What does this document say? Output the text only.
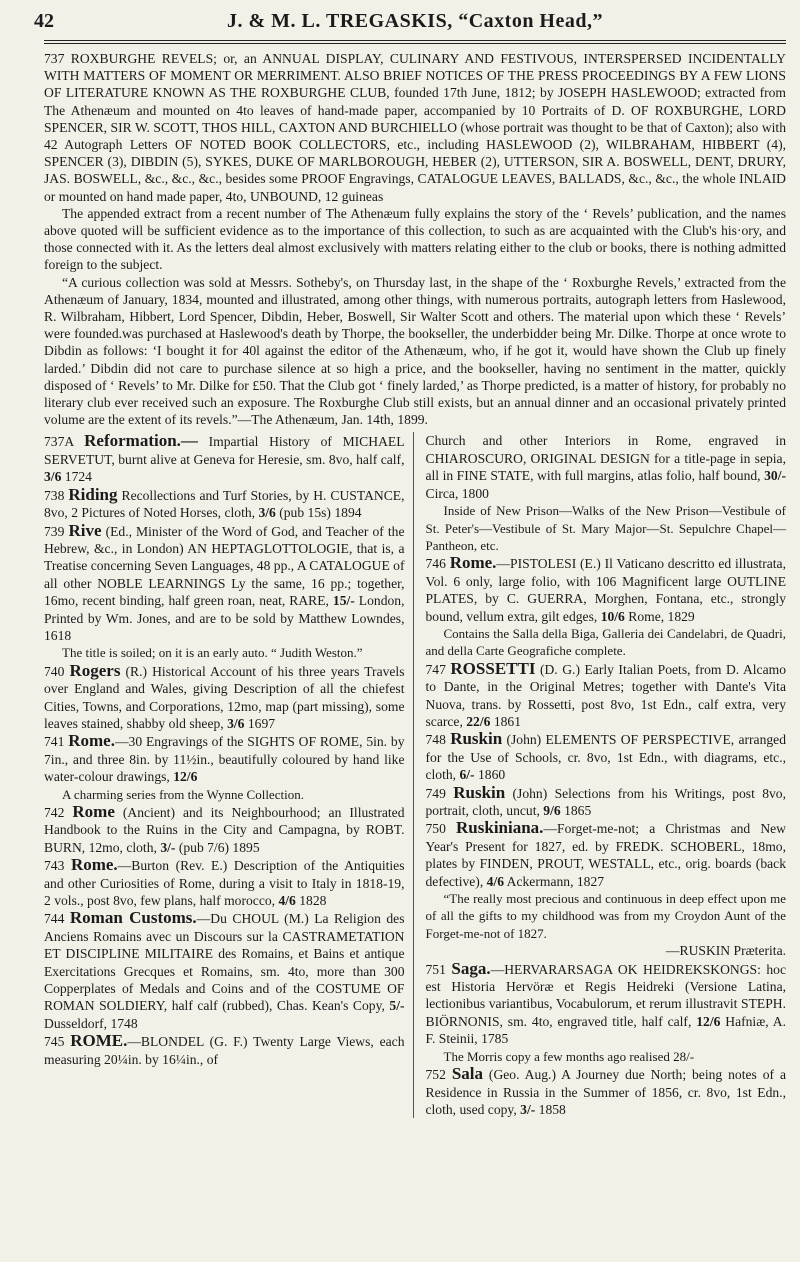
42	J. & M. L. TREGASKIS, “Caxton Head,”

737 ROXBURGHE REVELS; or, an ANNUAL DISPLAY, CULINARY AND FESTIVOUS, INTERSPERSED INCIDENTALLY WITH MATTERS OF MOMENT OR MERRIMENT. ALSO BRIEF NOTICES OF THE PRESS PROCEEDINGS BY A FEW LIONS OF LITERATURE KNOWN AS THE ROXBURGHE CLUB, founded 17th June, 1812; by JOSEPH HASLEWOOD; extracted from The Athenæum and mounted on 4to leaves of hand-made paper, accompanied by 10 Portraits of D. OF ROXBURGHE, LORD SPENCER, SIR W. SCOTT, THOS HILL, CAXTON AND BURCHIELLO (whose portrait was thought to be that of Caxton); also with 42 Autograph Letters OF NOTED BOOK COLLECTORS, etc., including HASLEWOOD (2), WILBRAHAM, HIBBERT (4), SPENCER (3), DIBDIN (5), SYKES, DUKE OF MARLBOROUGH, HEBER (2), UTTERSON, SIR A. BOSWELL, DENT, DRURY, JAS. BOSWELL, &c., &c., &c., besides some PROOF Engravings, CATALOGUE LEAVES, BALLADS, &c., &c., the whole INLAID or mounted on hand made paper, 4to, UNBOUND, 12 guineas

The appended extract from a recent number of The Athenæum fully explains the story of the ‘ Revels’ publication, and the names above quoted will be sufficient evidence as to the importance of this collection, to such as are acquainted with the Club's his·ory, and those connected with it. As the letters deal almost exclusively with matters relating either to the club or books, there is nothing admitted foreign to the subject.

“A curious collection was sold at Messrs. Sotheby's, on Thursday last, in the shape of the ‘ Roxburghe Revels,’ extracted from the Athenæum of January, 1834, mounted and illustrated, among other things, with numerous portraits, autograph letters from Haslewood, R. Wilbraham, Hibbert, Lord Spencer, Dibdin, Heber, Boswell, Sir Walter Scott and others. The material upon which these ‘ Revels’ were founded.was purchased at Haslewood's death by Thorpe, the bookseller, the underbidder being Mr. Dilke. Thorpe at once wrote to Dibdin as follows: ‘I bought it for 40l against the editor of the Athenæum, who, if he got it, would have shown the Club up finely larded.’ Dibdin did not care to purchase silence at so high a price, and the bookseller, having no sentiment in the matter, quickly disposed of ‘ Revels’ to Mr. Dilke for £50. That the Club got ‘ finely larded,’ as Thorpe predicted, is a matter of history, for probably no literary club ever received such an exposure. The Roxburghe Club still exists, but an annual dinner and an occasional privately printed volume are the extent of its revels.”—The Athenæum, Jan. 14th, 1899.

737A Reformation.— Impartial History of MICHAEL SERVETUT, burnt alive at Geneva for Heresie, sm. 8vo, half calf, 3/6 1724

738 Riding Recollections and Turf Stories, by H. CUSTANCE, 8vo, 2 Pictures of Noted Horses, cloth, 3/6 (pub 15s) 1894

739 Rive (Ed., Minister of the Word of God, and Teacher of the Hebrew, &c., in London) AN HEPTAGLOTTOLOGIE, that is, a Treatise concerning Seven Languages, 48 pp., A CATALOGUE of all other NOBLE LEARNINGS Ly the same, 16 pp.; together, 16mo, recent binding, half green roan, neat, RARE, 15/- London, Printed by Wm. Jones, and are to be sold by Matthew Lowndes, 1618

The title is soiled; on it is an early auto. “ Judith Weston.”

740 Rogers (R.) Historical Account of his three years Travels over England and Wales, giving Description of all the chiefest Cities, Towns, and Corporations, 12mo, map (part missing), some leaves stained, shabby old sheep, 3/6 1697

741 Rome.—30 Engravings of the SIGHTS OF ROME, 5in. by 7in., and three 8in. by 11½in., beautifully coloured by hand like water-colour drawings, 12/6

A charming series from the Wynne Collection.

742 Rome (Ancient) and its Neighbourhood; an Illustrated Handbook to the Ruins in the City and Campagna, by ROBT. BURN, 12mo, cloth, 3/- (pub 7/6) 1895

743 Rome.—Burton (Rev. E.) Description of the Antiquities and other Curiosities of Rome, during a visit to Italy in 1818-19, 2 vols., post 8vo, few plans, half morocco, 4/6 1828

744 Roman Customs.—Du CHOUL (M.) La Religion des Anciens Romains avec un Discours sur la CASTRAMETATION ET DISCIPLINE MILITAIRE des Romains, et Bains et antique Exercitations Grecques et Romains, sm. 4to, more than 300 Copperplates of Medals and Coins and of the COSTUME OF ROMAN SOLDIERY, half calf (rubbed), Chas. Kean's Copy, 5/- Dusseldorf, 1748

745 ROME.—BLONDEL (G. F.) Twenty Large Views, each measuring 20¼in. by 16¼in., of

Church and other Interiors in Rome, engraved in CHIAROSCURO, ORIGINAL DESIGN for a title-page in sepia, all in FINE STATE, with full margins, atlas folio, half bound, 30/- Circa, 1800

Inside of New Prison—Walks of the New Prison—Vestibule of St. Peter's—Vestibule of St. Mary Major—St. Sepulchre Chapel—Pantheon, etc.

746 Rome.—PISTOLESI (E.) Il Vaticano descritto ed illustrata, Vol. 6 only, large folio, with 106 Magnificent large OUTLINE PLATES, by C. GUERRA, Morghen, Fontana, etc., strongly bound, vellum extra, gilt edges, 10/6 Rome, 1829

Contains the Salla della Biga, Galleria dei Candelabri, de Quadri, and della Carte Geografiche complete.

747 ROSSETTI (D. G.) Early Italian Poets, from D. Alcamo to Dante, in the Original Metres; together with Dante's Vita Nuova, trans. by Rossetti, post 8vo, 1st Edn., calf extra, very scarce, 22/6 1861

748 Ruskin (John) ELEMENTS OF PERSPECTIVE, arranged for the Use of Schools, cr. 8vo, 1st Edn., with diagrams, etc., cloth, 6/- 1860

749 Ruskin (John) Selections from his Writings, post 8vo, portrait, cloth, uncut, 9/6 1865

750 Ruskiniana.—Forget-me-not; a Christmas and New Year's Present for 1827, ed. by FREDK. SCHOBERL, 18mo, plates by FINDEN, PROUT, WESTALL, etc., orig. boards (back defective), 4/6 Ackermann, 1827

“The really most precious and continuous in deep effect upon me of all the gifts to my childhood was from my Croydon Aunt of the Forget-me-not of 1827.

—RUSKIN Præterita.

751 Saga.—HERVARARSAGA OK HEIDREKSKONGS: hoc est Historia Hervöræ et Regis Heidreki (Versione Latina, lectionibus variantibus, Vocabulorum, et rerum illustravit STEPH. BIÖRNONIS, sm. 4to, engraved title, half calf, 12/6 Hafniæ, A. F. Steinii, 1785

The Morris copy a few months ago realised 28/-

752 Sala (Geo. Aug.) A Journey due North; being notes of a Residence in Russia in the Summer of 1856, cr. 8vo, 1st Edn., cloth, used copy, 3/- 1858
